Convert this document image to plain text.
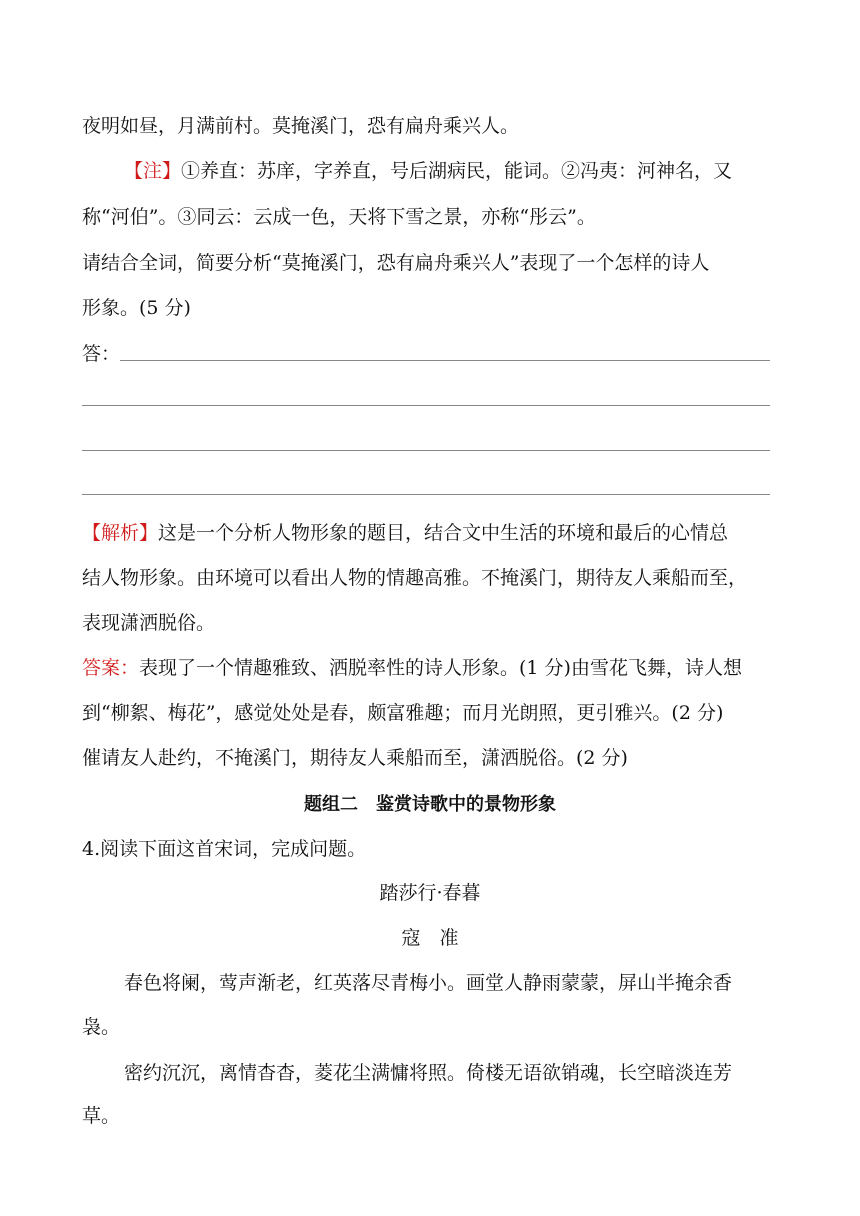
夜明如昼，月满前村。莫掩溪门，恐有扁舟乘兴人。
【注】①养直：苏庠，字养直，号后湖病民，能词。②冯夷：河神名，又
称“河伯”。③同云：云成一色，天将下雪之景，亦称“彤云”。
请结合全词，简要分析“莫掩溪门，恐有扁舟乘兴人”表现了一个怎样的诗人
形象。(5 分)
答：
【解析】这是一个分析人物形象的题目，结合文中生活的环境和最后的心情总
结人物形象。由环境可以看出人物的情趣高雅。不掩溪门，期待友人乘船而至，
表现潇洒脱俗。
答案：表现了一个情趣雅致、洒脱率性的诗人形象。(1 分)由雪花飞舞，诗人想
到“柳絮、梅花”，感觉处处是春，颇富雅趣；而月光朗照，更引雅兴。(2 分)
催请友人赴约，不掩溪门，期待友人乘船而至，潇洒脱俗。(2 分)
题组二　鉴赏诗歌中的景物形象
4.阅读下面这首宋词，完成问题。
踏莎行·春暮
寇　准
春色将阑，莺声渐老，红英落尽青梅小。画堂人静雨蒙蒙，屏山半掩余香
袅。
密约沉沉，离情杳杳，菱花尘满慵将照。倚楼无语欲销魂，长空暗淡连芳
草。
